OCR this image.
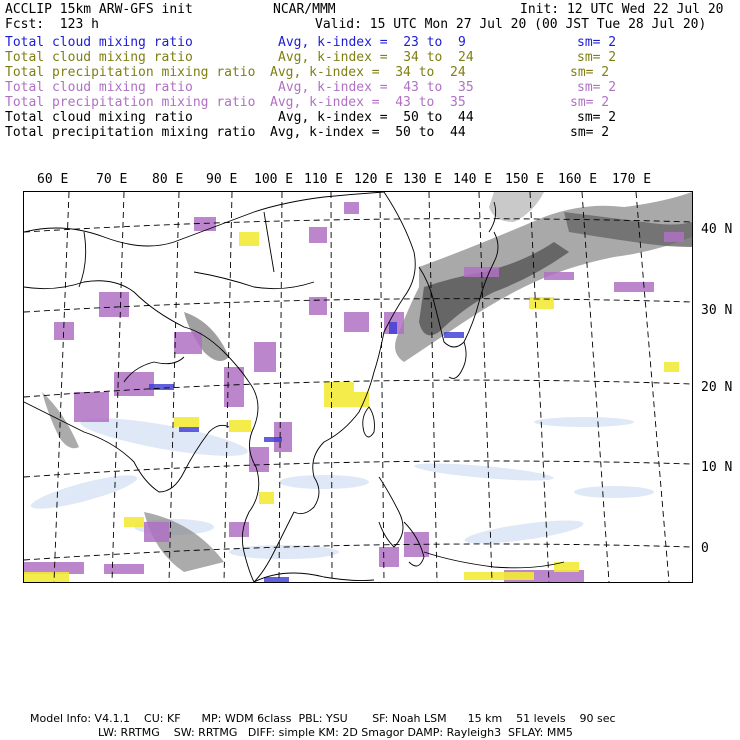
ACCLIP 15km ARW-GFS init	NCAR/MMM	Init: 12 UTC Wed 22 Jul 20
Fcst:  123 h	Valid: 15 UTC Mon 27 Jul 20 (00 JST Tue 28 Jul 20)
Total cloud mixing ratio	Avg, k-index =  23 to  9	sm= 2
Total cloud mixing ratio	Avg, k-index =  34 to  24	sm= 2
Total precipitation mixing ratio Avg, k-index =  34 to  24	sm= 2
Total cloud mixing ratio	Avg, k-index =  43 to  35	sm= 2
Total precipitation mixing ratio Avg, k-index =  43 to  35	sm= 2
Total cloud mixing ratio	Avg, k-index =  50 to  44	sm= 2
Total precipitation mixing ratio Avg, k-index =  50 to  44	sm= 2
60 E 70 E 80 E 90 E 100 E 110 E 120 E 130 E 140 E 150 E 160 E 170 E
40 N
30 N
20 N
10 N
0
Model Info: V4.1.1    CU: KF      MP: WDM 6class  PBL: YSU       SF: Noah LSM      15 km    51 levels    90 sec
LW: RRTMG    SW: RRTMG   DIFF: simple KM: 2D Smagor DAMP: Rayleigh3  SFLAY: MM5
